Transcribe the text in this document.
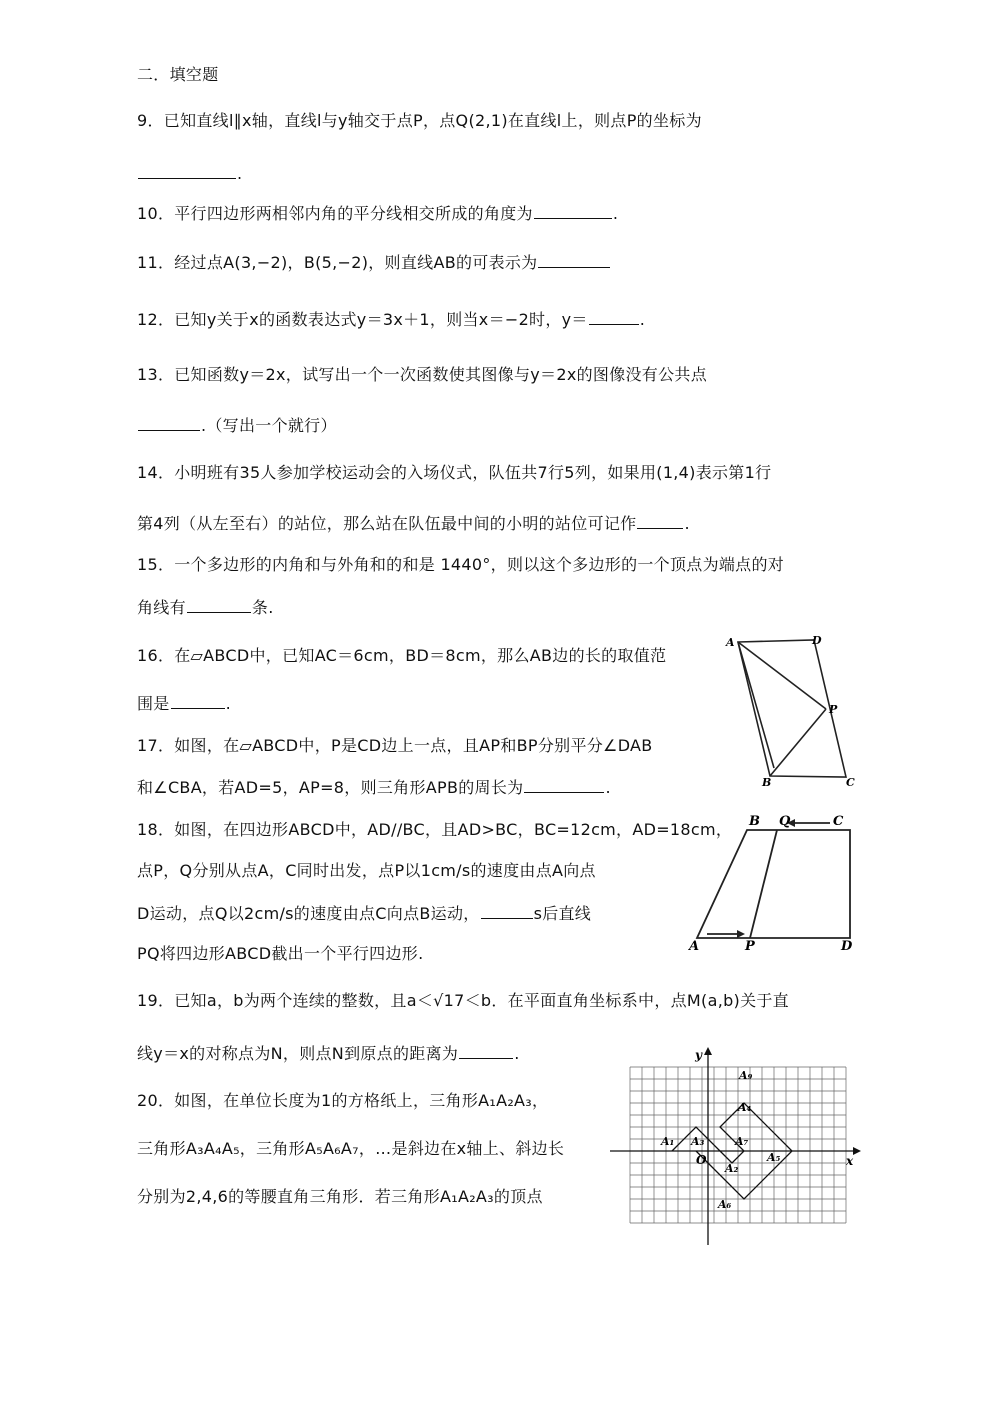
二．填空题
9．已知直线l∥x轴，直线l与y轴交于点P，点Q(2,1)在直线l上，则点P的坐标为
.
10．平行四边形两相邻内角的平分线相交所成的角度为	.
11．经过点A(3,−2)，B(5,−2)，则直线AB的可表示为
12．已知y关于x的函数表达式y＝3x＋1，则当x＝−2时，y＝	.
13．已知函数y＝2x，试写出一个一次函数使其图像与y＝2x的图像没有公共点
.（写出一个就行）
14．小明班有35人参加学校运动会的入场仪式，队伍共7行5列，如果用(1,4)表示第1行
第4列（从左至右）的站位，那么站在队伍最中间的小明的站位可记作	.
15．一个多边形的内角和与外角和的和是 1440°，则以这个多边形的一个顶点为端点的对
角线有	条.
16．在▱ABCD中，已知AC＝6cm，BD＝8cm，那么AB边的长的取值范
围是	.
17．如图，在▱ABCD中，P是CD边上一点，且AP和BP分别平分∠DAB
和∠CBA，若AD=5，AP=8，则三角形APB的周长为	.
18．如图，在四边形ABCD中，AD//BC，且AD>BC，BC=12cm，AD=18cm，
点P，Q分别从点A，C同时出发，点P以1cm/s的速度由点A向点
D运动，点Q以2cm/s的速度由点C向点B运动，	s后直线
PQ将四边形ABCD截出一个平行四边形.
19．已知a，b为两个连续的整数，且a＜√17＜b．在平面直角坐标系中，点M(a,b)关于直
线y＝x的对称点为N，则点N到原点的距离为	.
20．如图，在单位长度为1的方格纸上，三角形A₁A₂A₃，
三角形A₃A₄A₅，三角形A₅A₆A₇，…是斜边在x轴上、斜边长
分别为2,4,6的等腰直角三角形．若三角形A₁A₂A₃的顶点
A	D
P
B	C
B Q	C
A	P	D
y
x
O
A₁
A₂
A₃
A₄
A₅
A₆
A₇
A₉
